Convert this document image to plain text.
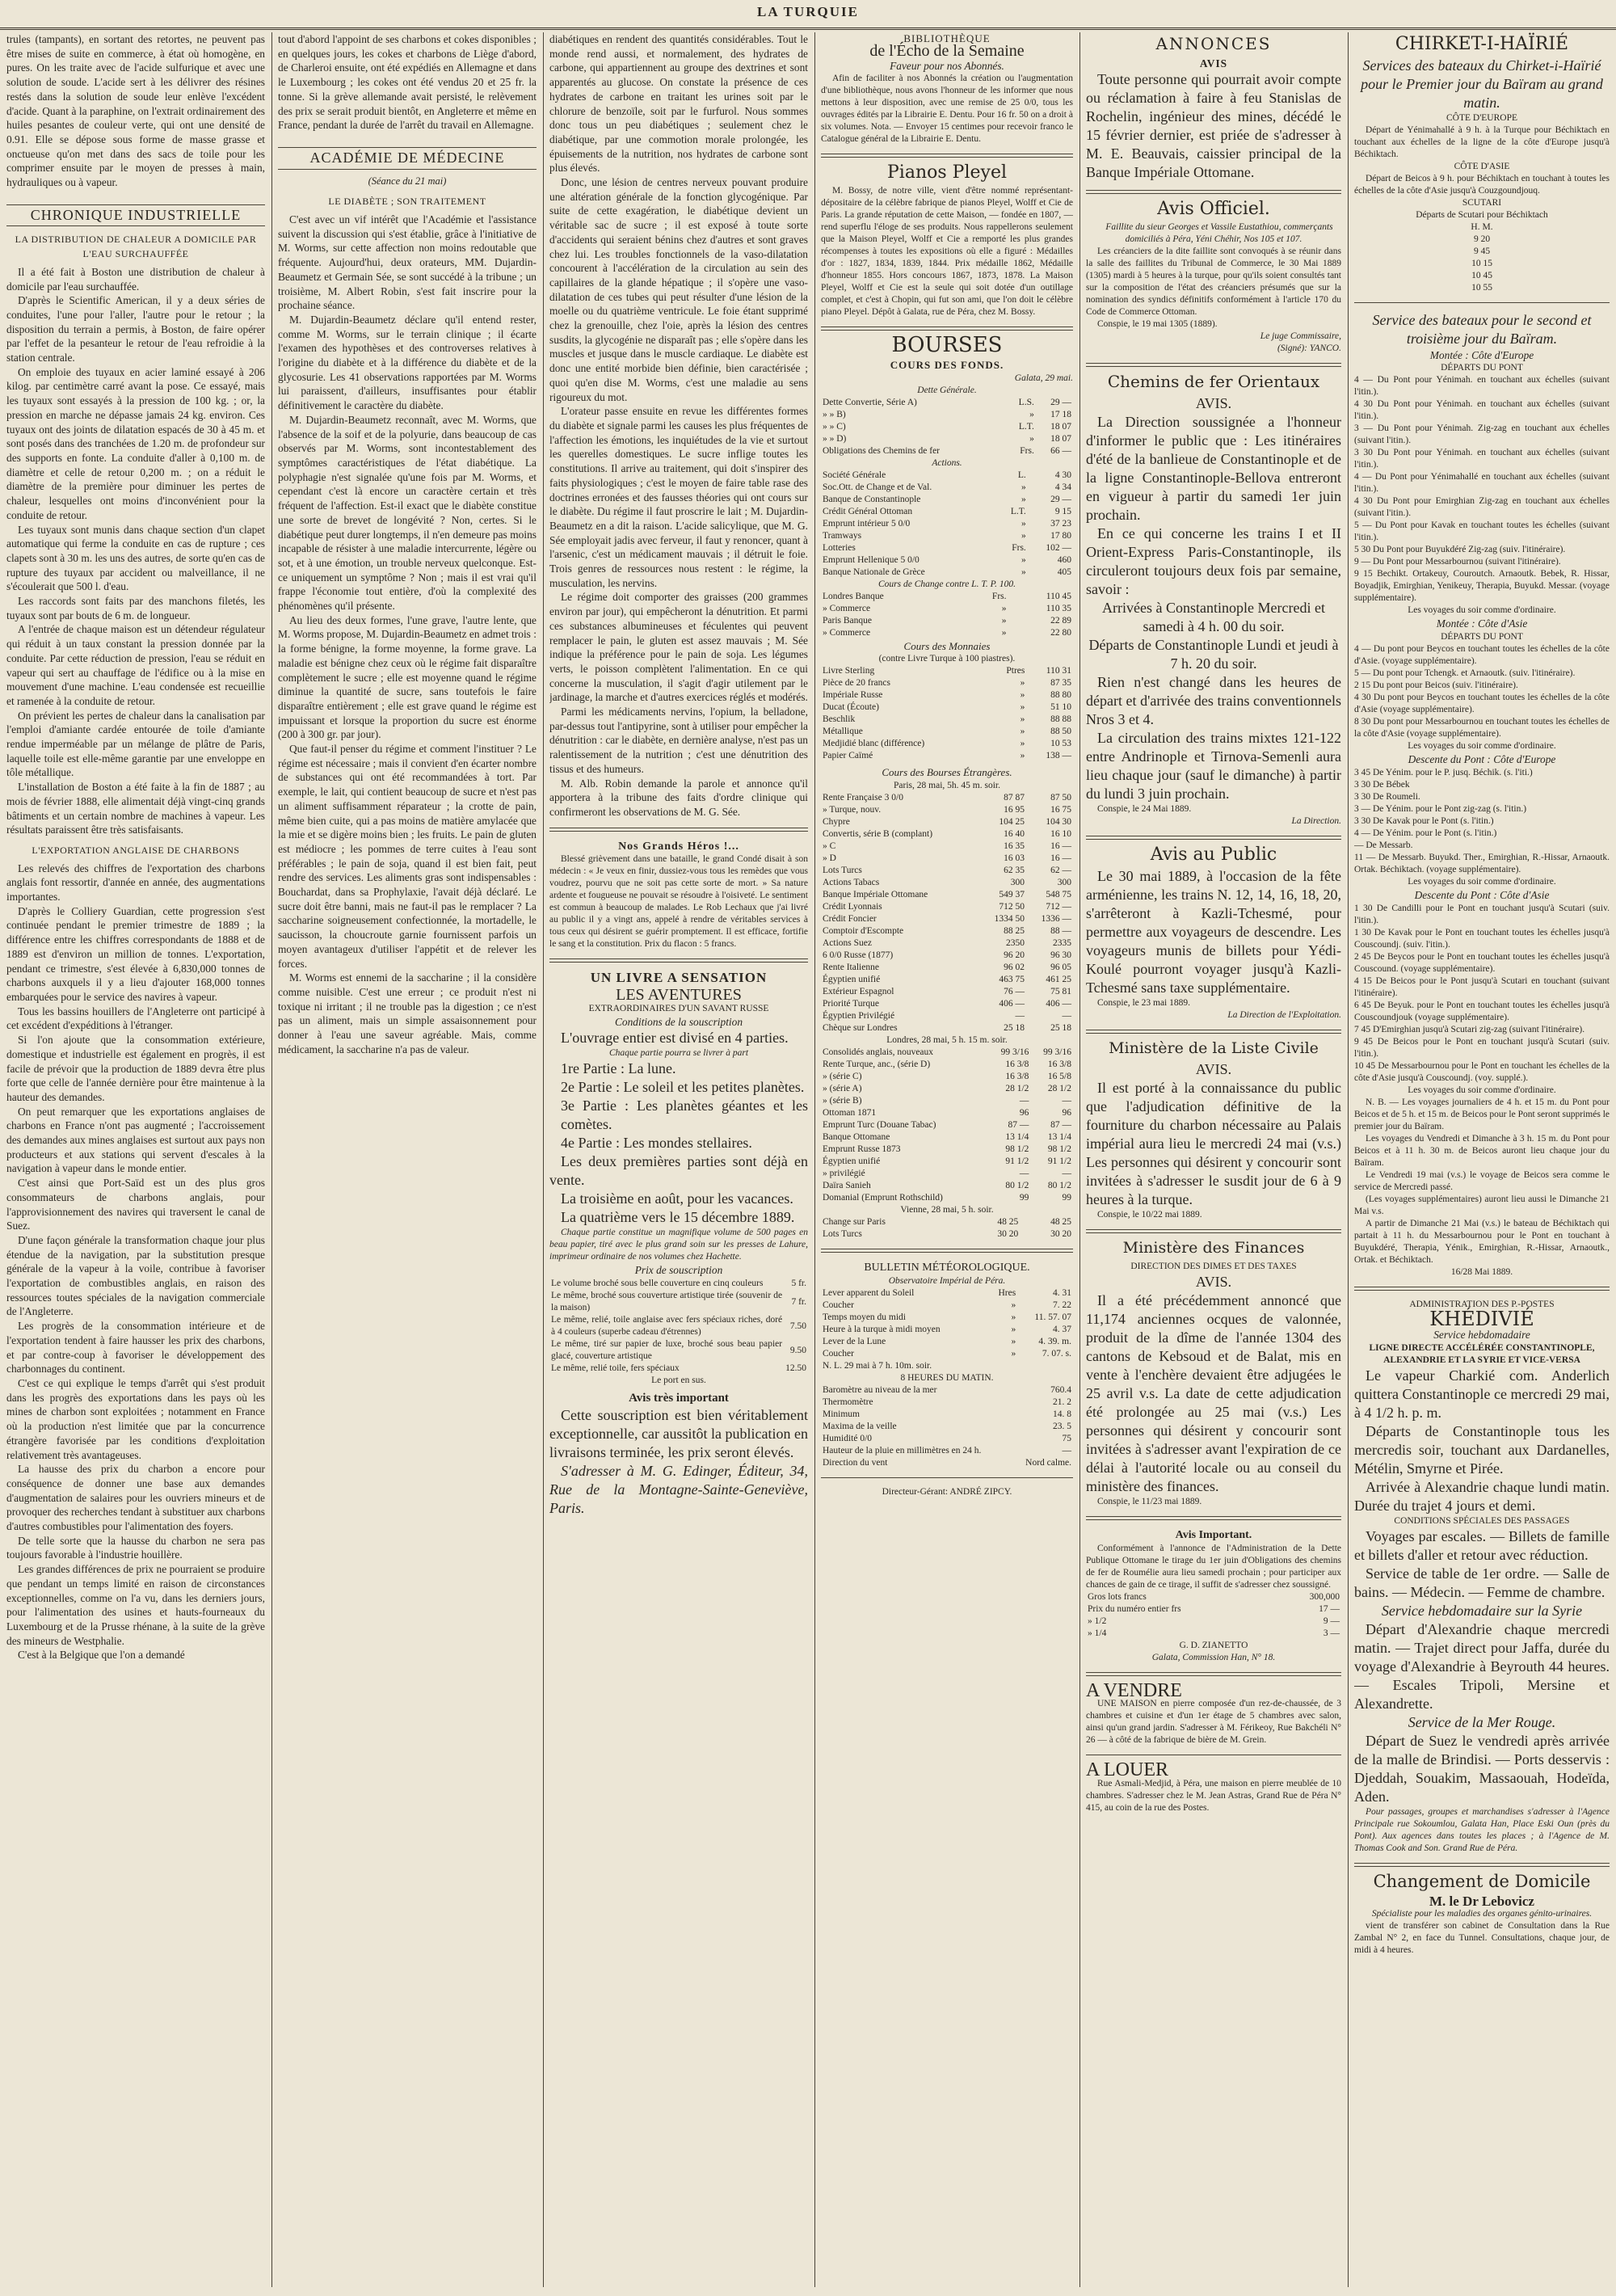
LA TURQUIE

trules (tampants), en sortant des retortes, ne peuvent pas être mises de suite en commerce, à état où homogène, en pures. On les traite avec de l'acide sulfurique et avec une solution de soude. L'acide sert à les délivrer des résines restés dans la solution de soude leur enlève l'excédent d'acide. Quant à la paraphine, on l'extrait ordinairement des huiles pesantes de couleur verte, qui ont une densité de 0.91. Elle se dépose sous forme de masse grasse et onctueuse qu'on met dans des sacs de toile pour les comprimer ensuite par le moyen de presses à main, hydrauliques ou à vapeur.

CHRONIQUE INDUSTRIELLE
LA DISTRIBUTION DE CHALEUR A DOMICILE PAR L'EAU SURCHAUFFÉE

Il a été fait à Boston une distribution de chaleur à domicile par l'eau surchauffée.

D'après le Scientific American, il y a deux séries de conduites, l'une pour l'aller, l'autre pour le retour ; la disposition du terrain a permis, à Boston, de faire opérer par l'effet de la pesanteur le retour de l'eau refroidie à la station centrale.

On emploie des tuyaux en acier laminé essayé à 206 kilog. par centimètre carré avant la pose. Ce essayé, mais les tuyaux sont essayés à la pression de 100 kg. ; or, la pression en marche ne dépasse jamais 24 kg. environ. Ces tuyaux ont des joints de dilatation espacés de 30 à 45 m. et sont posés dans des tranchées de 1.20 m. de profondeur sur des supports en fonte. La conduite d'aller à 0,100 m. de diamètre et celle de retour 0,200 m. ; on a réduit le diamètre de la première pour diminuer les pertes de chaleur, lesquelles ont moins d'inconvénient pour la conduite de retour.

Les tuyaux sont munis dans chaque section d'un clapet automatique qui ferme la conduite en cas de rupture ; ces clapets sont à 30 m. les uns des autres, de sorte qu'en cas de rupture des tuyaux par accident ou malveillance, il ne s'écoulerait que 500 l. d'eau.

Les raccords sont faits par des manchons filetés, les tuyaux sont par bouts de 6 m. de longueur.

A l'entrée de chaque maison est un détendeur régulateur qui réduit à un taux constant la pression donnée par la conduite. Par cette réduction de pression, l'eau se réduit en vapeur qui sert au chauffage de l'édifice ou à la mise en mouvement d'une machine. L'eau condensée est recueillie et ramenée à la conduite de retour.

On prévient les pertes de chaleur dans la canalisation par l'emploi d'amiante cardée entourée de toile d'amiante rendue imperméable par un mélange de plâtre de Paris, laquelle toile est elle-même garantie par une enveloppe en tôle métallique.

L'installation de Boston a été faite à la fin de 1887 ; au mois de février 1888, elle alimentait déjà vingt-cinq grands bâtiments et un certain nombre de machines à vapeur. Les résultats paraissent être très satisfaisants.

L'EXPORTATION ANGLAISE DE CHARBONS

Les relevés des chiffres de l'exportation des charbons anglais font ressortir, d'année en année, des augmentations importantes.

D'après le Colliery Guardian, cette progression s'est continuée pendant le premier trimestre de 1889 ; la différence entre les chiffres correspondants de 1888 et de 1889 est d'environ un million de tonnes. L'exportation, pendant ce trimestre, s'est élevée à 6,830,000 tonnes de charbons auxquels il y a lieu d'ajouter 168,000 tonnes embarquées pour le service des navires à vapeur.

Tous les bassins houillers de l'Angleterre ont participé à cet excédent d'expéditions à l'étranger.

Si l'on ajoute que la consommation extérieure, domestique et industrielle est également en progrès, il est facile de prévoir que la production de 1889 devra être plus forte que celle de l'année dernière pour être maintenue à la hauteur des demandes.

On peut remarquer que les exportations anglaises de charbons en France n'ont pas augmenté ; l'accroissement des demandes aux mines anglaises est surtout aux pays non producteurs et aux stations qui servent d'escales à la navigation à vapeur dans le monde entier.

C'est ainsi que Port-Saïd est un des plus gros consommateurs de charbons anglais, pour l'approvisionnement des navires qui traversent le canal de Suez.

D'une façon générale la transformation chaque jour plus étendue de la navigation, par la substitution presque générale de la vapeur à la voile, contribue à favoriser l'exportation de combustibles anglais, en raison des ressources toutes spéciales de la navigation commerciale de l'Angleterre.

Les progrès de la consommation intérieure et de l'exportation tendent à faire hausser les prix des charbons, et par contre-coup à favoriser le développement des charbonnages du continent.

C'est ce qui explique le temps d'arrêt qui s'est produit dans les progrès des exportations dans les pays où les mines de charbon sont exploitées ; notamment en France où la production n'est limitée que par la concurrence étrangère favorisée par les conditions d'exploitation relativement très avantageuses.

La hausse des prix du charbon a encore pour conséquence de donner une base aux demandes d'augmentation de salaires pour les ouvriers mineurs et de provoquer des recherches tendant à substituer aux charbons d'autres combustibles pour l'alimentation des foyers.

De telle sorte que la hausse du charbon ne sera pas toujours favorable à l'industrie houillère.

Les grandes différences de prix ne pourraient se produire que pendant un temps limité en raison de circonstances exceptionnelles, comme on l'a vu, dans les derniers jours, pour l'alimentation des usines et hauts-fourneaux du Luxembourg et de la Prusse rhénane, à la suite de la grève des mineurs de Westphalie.

C'est à la Belgique que l'on a demandé

tout d'abord l'appoint de ses charbons et cokes disponibles ; en quelques jours, les cokes et charbons de Liège d'abord, de Charleroi ensuite, ont été expédiés en Allemagne et dans le Luxembourg ; les cokes ont été vendus 20 et 25 fr. la tonne. Si la grève allemande avait persisté, le relèvement des prix se serait produit bientôt, en Angleterre et même en France, pendant la durée de l'arrêt du travail en Allemagne.

ACADÉMIE DE MÉDECINE
(Séance du 21 mai)
LE DIABÈTE ; SON TRAITEMENT

C'est avec un vif intérêt que l'Académie et l'assistance suivent la discussion qui s'est établie, grâce à l'initiative de M. Worms, sur cette affection non moins redoutable que fréquente. Aujourd'hui, deux orateurs, MM. Dujardin-Beaumetz et Germain Sée, se sont succédé à la tribune ; un troisième, M. Albert Robin, s'est fait inscrire pour la prochaine séance.

M. Dujardin-Beaumetz déclare qu'il entend rester, comme M. Worms, sur le terrain clinique ; il écarte l'examen des hypothèses et des controverses relatives à l'origine du diabète et à la différence du diabète et de la glycosurie. Les 41 observations rapportées par M. Worms lui paraissent, d'ailleurs, insuffisantes pour établir définitivement le caractère du diabète.

M. Dujardin-Beaumetz reconnaît, avec M. Worms, que l'absence de la soif et de la polyurie, dans beaucoup de cas observés par M. Worms, sont incontestablement des symptômes caractéristiques de l'état diabétique. La polyphagie n'est signalée qu'une fois par M. Worms, et cependant c'est là encore un caractère certain et très fréquent de l'affection. Est-il exact que le diabète constitue une sorte de brevet de longévité ? Non, certes. Si le diabétique peut durer longtemps, il n'en demeure pas moins incapable de résister à une maladie intercurrente, légère ou sot, et à une émotion, un trouble nerveux quelconque. Est-ce uniquement un symptôme ? Non ; mais il est vrai qu'il frappe l'économie tout entière, d'où la complexité des phénomènes qu'il présente.

Au lieu des deux formes, l'une grave, l'autre lente, que M. Worms propose, M. Dujardin-Beaumetz en admet trois : la forme bénigne, la forme moyenne, la forme grave. La maladie est bénigne chez ceux où le régime fait disparaître complètement le sucre ; elle est moyenne quand le régime diminue la quantité de sucre, sans toutefois le faire disparaître entièrement ; elle est grave quand le régime est impuissant et lorsque la proportion du sucre est énorme (200 à 300 gr. par jour).

Que faut-il penser du régime et comment l'instituer ? Le régime est nécessaire ; mais il convient d'en écarter nombre de substances qui ont été recommandées à tort. Par exemple, le lait, qui contient beaucoup de sucre et n'est pas un aliment suffisamment réparateur ; la crotte de pain, même bien cuite, qui a pas moins de matière amylacée que la mie et se digère moins bien ; les fruits. Le pain de gluten est médiocre ; les pommes de terre cuites à l'eau sont préférables ; le pain de soja, quand il est bien fait, peut rendre des services. Les aliments gras sont indispensables : Bouchardat, dans sa Prophylaxie, l'avait déjà déclaré. Le sucre doit être banni, mais ne faut-il pas le remplacer ? La saccharine soigneusement confectionnée, la mortadelle, le saucisson, la choucroute garnie fournissent parfois un moyen avantageux d'utiliser l'appétit et de relever les forces.

M. Worms est ennemi de la saccharine ; il la considère comme nuisible. C'est une erreur ; ce produit n'est ni toxique ni irritant ; il ne trouble pas la digestion ; ce n'est pas un aliment, mais un simple assaisonnement pour donner à l'eau une saveur agréable. Mais, comme médicament, la saccharine n'a pas de valeur.

diabétiques en rendent des quantités considérables. Tout le monde rend aussi, et normalement, des hydrates de carbone, qui appartiennent au groupe des dextrines et sont apparentés au glucose. On constate la présence de ces hydrates de carbone en traitant les urines soit par le chlorure de benzoïle, soit par le furfurol. Nous sommes donc tous un peu diabétiques ; seulement chez le diabétique, par une commotion morale prolongée, les épuisements de la nutrition, nos hydrates de carbone sont plus élevés.

Donc, une lésion de centres nerveux pouvant produire une altération générale de la fonction glycogénique. Par suite de cette exagération, le diabétique devient un véritable sac de sucre ; il est exposé à toute sorte d'accidents qui seraient bénins chez d'autres et sont graves chez lui. Les troubles fonctionnels de la vaso-dilatation concourent à l'accélération de la circulation au sein des capillaires de la glande hépatique ; il s'opère une vaso-dilatation de ces tubes qui peut résulter d'une lésion de la moelle ou du quatrième ventricule. Le foie étant supprimé chez la grenouille, chez l'oie, après la lésion des centres susdits, la glycogénie ne disparaît pas ; elle s'opère dans les muscles et jusque dans le muscle cardiaque. Le diabète est donc une entité morbide bien définie, bien caractérisée ; quoi qu'en dise M. Worms, c'est une maladie au sens rigoureux du mot.

L'orateur passe ensuite en revue les différentes formes du diabète et signale parmi les causes les plus fréquentes de l'affection les émotions, les inquiétudes de la vie et surtout les querelles domestiques. Le sucre inflige toutes les constitutions. Il arrive au traitement, qui doit s'inspirer des faits physiologiques ; c'est le moyen de faire table rase des doctrines erronées et des fausses théories qui ont cours sur le diabète. Du régime il faut proscrire le lait ; M. Dujardin-Beaumetz en a dit la raison. L'acide salicylique, que M. G. Sée employait jadis avec ferveur, il faut y renoncer, quant à l'arsenic, c'est un médicament mauvais ; il détruit le foie. Trois genres de ressources nous restent : le régime, la musculation, les nervins.

Le régime doit comporter des graisses (200 grammes environ par jour), qui empêcheront la dénutrition. Et parmi ces substances albumineuses et féculentes qui peuvent remplacer le pain, le gluten est assez mauvais ; M. Sée indique la préférence pour le pain de soja. Les légumes verts, le poisson complètent l'alimentation. En ce qui concerne la musculation, il s'agit d'agir utilement par le jardinage, la marche et d'autres exercices réglés et modérés.

Parmi les médicaments nervins, l'opium, la belladone, par-dessus tout l'antipyrine, sont à utiliser pour empêcher la dénutrition : car le diabète, en dernière analyse, n'est pas un ralentissement de la nutrition ; c'est une dénutrition des tissus et des humeurs.

M. Alb. Robin demande la parole et annonce qu'il apportera à la tribune des faits d'ordre clinique qui confirmeront les observations de M. G. Sée.

Nos Grands Héros !...

Blessé grièvement dans une bataille, le grand Condé disait à son médecin : « Je veux en finir, dussiez-vous tous les remèdes que vous voudrez, pourvu que ne soit pas cette sorte de mort. » Sa nature ardente et fougueuse ne pouvait se résoudre à l'oisiveté. Le sentiment est commun à beaucoup de malades. Le Rob Lechaux que j'ai livré au public il y a vingt ans, appelé à rendre de véritables services à tous ceux qui désirent se guérir promptement. Il est efficace, fortifie le sang et la constitution. Prix du flacon : 5 francs.

UN LIVRE A SENSATION
LES AVENTURES
EXTRAORDINAIRES D'UN SAVANT RUSSE
Conditions de la souscription

L'ouvrage entier est divisé en 4 parties.

Chaque partie pourra se livrer à part
1re Partie : La lune.
2e Partie : Le soleil et les petites planètes.
3e Partie : Les planètes géantes et les comètes.
4e Partie : Les mondes stellaires.

Les deux premières parties sont déjà en vente.

La troisième en août, pour les vacances.

La quatrième vers le 15 décembre 1889.

Chaque partie constitue un magnifique volume de 500 pages en beau papier, tiré avec le plus grand soin sur les presses de Lahure, imprimeur ordinaire de nos volumes chez Hachette.

Prix de souscription
Le volume broché sous belle couverture en cinq couleurs	5 fr.
Le même, broché sous couverture artistique tirée (souvenir de la maison)	7 fr.
Le même, relié, toile anglaise avec fers spéciaux riches, doré à 4 couleurs (superbe cadeau d'étrennes)	7.50
Le même, tiré sur papier de luxe, broché sous beau papier glacé, couverture artistique	9.50
Le même, relié toile, fers spéciaux	12.50
Le port en sus.
Avis très important

Cette souscription est bien véritablement exceptionnelle, car aussitôt la publication en livraisons terminée, les prix seront élevés.

S'adresser à M. G. Edinger, Éditeur, 34, Rue de la Montagne-Sainte-Geneviève, Paris.

BIBLIOTHÈQUE
de l'Écho de la Semaine
Faveur pour nos Abonnés.

Afin de faciliter à nos Abonnés la création ou l'augmentation d'une bibliothèque, nous avons l'honneur de les informer que nous mettons à leur disposition, avec une remise de 25 0/0, tous les ouvrages édités par la Librairie E. Dentu. Pour 16 fr. 50 on a droit à six volumes. Nota. — Envoyer 15 centimes pour recevoir franco le Catalogue général de la Librairie E. Dentu.

Pianos Pleyel

M. Bossy, de notre ville, vient d'être nommé représentant-dépositaire de la célèbre fabrique de pianos Pleyel, Wolff et Cie de Paris. La grande réputation de cette Maison, — fondée en 1807, — rend superflu l'éloge de ses produits. Nous rappellerons seulement que la Maison Pleyel, Wolff et Cie a remporté les plus grandes récompenses à toutes les expositions où elle a figuré : Médailles d'or : 1827, 1834, 1839, 1844. Prix médaille 1862, Médaille d'honneur 1855. Hors concours 1867, 1873, 1878. La Maison Pleyel, Wolff et Cie est la seule qui soit dotée d'un outillage complet, et c'est à Chopin, qui fut son ami, que l'on doit le célèbre piano Pleyel. Dépôt à Galata, rue de Péra, chez M. Bossy.

BOURSES
COURS DES FONDS.
Galata, 29 mai.
Dette Générale.
Dette Convertie, Série A)	L.S.	29 —
» » B)	»	17 18
» » C)	L.T.	18 07
» » D)	»	18 07
Obligations des Chemins de fer	Frs.	66 —
Actions.
Société Générale	L.	4 30
Soc.Ott. de Change et de Val.	»	4 34
Banque de Constantinople	»	29 —
Crédit Général Ottoman	L.T.	9 15
Emprunt intérieur 5 0/0	»	37 23
Tramways	»	17 80
Lotteries	Frs.	102 —
Emprunt Hellenique 5 0/0	»	460
Banque Nationale de Grèce	»	405
Cours de Change contre L. T. P. 100.
Londres Banque	Frs.	110 45
» Commerce	»	110 35
Paris Banque	»	22 89
» Commerce	»	22 80
Cours des Monnaies
(contre Livre Turque à 100 piastres).
Livre Sterling	Ptres	110 31
Pièce de 20 francs	»	87 35
Impériale Russe	»	88 80
Ducat (Écoute)	»	51 10
Beschlik	»	88 88
Métallique	»	88 50
Medjidié blanc (différence)	»	10 53
Papier Caïmé	»	138 —
Cours des Bourses Étrangères.
Paris, 28 mai, 5h. 45 m. soir.
Rente Française 3 0/0	87 87	87 50
» Turque, nouv.	16 95	16 75
Chypre	104 25	104 30
Convertis, série B (complant)	16 40	16 10
» C	16 35	16 —
» D	16 03	16 —
Lots Turcs	62 35	62 —
Actions Tabacs	300	300
Banque Impériale Ottomane	549 37	548 75
Crédit Lyonnais	712 50	712 —
Crédit Foncier	1334 50	1336 —
Comptoir d'Escompte	88 25	88 —
Actions Suez	2350	2335
6 0/0 Russe (1877)	96 20	96 30
Rente Italienne	96 02	96 05
Égyptien unifié	463 75	461 25
Extérieur Espagnol	76 —	75 81
Priorité Turque	406 —	406 —
Égyptien Privilégié	—	—
Chèque sur Londres	25 18	25 18
Londres, 28 mai, 5 h. 15 m. soir.
Consolidés anglais, nouveaux	99 3/16	99 3/16
Rente Turque, anc., (série D)	16 3/8	16 3/8
» (série C)	16 3/8	16 5/8
» (série A)	28 1/2	28 1/2
» (série B)	—	—
Ottoman 1871	96	96
Emprunt Turc (Douane Tabac)	87 —	87 —
Banque Ottomane	13 1/4	13 1/4
Emprunt Russe 1873	98 1/2	98 1/2
Égyptien unifié	91 1/2	91 1/2
» privilégié	—	—
Daïra Sanieh	80 1/2	80 1/2
Domanial (Emprunt Rothschild)	99	99
Vienne, 28 mai, 5 h. soir.
Change sur Paris	48 25	48 25
Lots Turcs	30 20	30 20
BULLETIN MÉTÉOROLOGIQUE.
Observatoire Impérial de Péra.
Lever apparent du Soleil	Hres	4. 31
Coucher	»	7. 22
Temps moyen du midi	»	11. 57. 07
Heure à la turque à midi moyen	»	4. 37
Lever de la Lune	»	4. 39. m.
Coucher	»	7. 07. s.
N. L. 29 mai à 7 h. 10m. soir.		
8 HEURES DU MATIN.
Baromètre au niveau de la mer		760.4
Thermomètre		21. 2
Minimum		14. 8
Maxima de la veille		23. 5
Humidité 0/0		75
Hauteur de la pluie en millimètres en 24 h.		—
Direction du vent		Nord calme.
Directeur-Gérant: ANDRÉ ZIPCY.
ANNONCES
AVIS

Toute personne qui pourrait avoir compte ou réclamation à faire à feu Stanislas de Rochelin, ingénieur des mines, décédé le 15 février dernier, est priée de s'adresser à M. E. Beauvais, caissier principal de la Banque Impériale Ottomane.

Avis Officiel.

Faillite du sieur Georges et Vassile Eustathiou, commerçants domiciliés à Péra, Yéni Chéhir, Nos 105 et 107.

Les créanciers de la dite faillite sont convoqués à se réunir dans la salle des faillites du Tribunal de Commerce, le 30 Mai 1889 (1305) mardi à 5 heures à la turque, pour qu'ils soient consultés tant sur la composition de l'état des créanciers présumés que sur la nomination des syndics définitifs conformément à l'article 170 du Code de Commerce Ottoman.

Conspie, le 19 mai 1305 (1889).

Le juge Commissaire,
(Signé): YANCO.
Chemins de fer Orientaux
AVIS.

La Direction soussignée a l'honneur d'informer le public que : Les itinéraires d'été de la banlieue de Constantinople et de la ligne Constantinople-Bellova entreront en vigueur à partir du samedi 1er juin prochain.

En ce qui concerne les trains I et II Orient-Express Paris-Constantinople, ils circuleront toujours deux fois par semaine, savoir :

Arrivées à Constantinople Mercredi et samedi à 4 h. 00 du soir.

Départs de Constantinople Lundi et jeudi à 7 h. 20 du soir.

Rien n'est changé dans les heures de départ et d'arrivée des trains conventionnels Nros 3 et 4.

La circulation des trains mixtes 121-122 entre Andrinople et Tirnova-Semenli aura lieu chaque jour (sauf le dimanche) à partir du lundi 3 juin prochain.

Conspie, le 24 Mai 1889.

La Direction.
Avis au Public

Le 30 mai 1889, à l'occasion de la fête arménienne, les trains N. 12, 14, 16, 18, 20, s'arrêteront à Kazli-Tchesmé, pour permettre aux voyageurs de descendre. Les voyageurs munis de billets pour Yédi-Koulé pourront voyager jusqu'à Kazli-Tchesmé sans taxe supplémentaire.

Conspie, le 23 mai 1889.

La Direction de l'Exploitation.
Ministère de la Liste Civile
AVIS.

Il est porté à la connaissance du public que l'adjudication définitive de la fourniture du charbon nécessaire au Palais impérial aura lieu le mercredi 24 mai (v.s.) Les personnes qui désirent y concourir sont invitées à s'adresser le susdit jour de 6 à 9 heures à la turque.

Conspie, le 10/22 mai 1889.

Ministère des Finances
DIRECTION DES DIMES ET DES TAXES
AVIS.

Il a été précédemment annoncé que 11,174 anciennes ocques de valonnée, produit de la dîme de l'année 1304 des cantons de Kebsoud et de Balat, mis en vente à l'enchère devaient être adjugées le 25 avril v.s. La date de cette adjudication été prolongée au 25 mai (v.s.) Les personnes qui désirent y concourir sont invitées à s'adresser avant l'expiration de ce délai à l'autorité locale ou au conseil du ministère des finances.

Conspie, le 11/23 mai 1889.

Avis Important.

Conformément à l'annonce de l'Administration de la Dette Publique Ottomane le tirage du 1er juin d'Obligations des chemins de fer de Roumélie aura lieu samedi prochain ; pour participer aux chances de gain de ce tirage, il suffit de s'adresser chez soussigné.

Gros lots francs	300,000
Prix du numéro entier frs	17 —
» 1/2	9 —
» 1/4	3 —
G. D. ZIANETTO
Galata, Commission Han, N° 18.
A VENDRE

UNE MAISON en pierre composée d'un rez-de-chaussée, de 3 chambres et cuisine et d'un 1er étage de 5 chambres avec salon, ainsi qu'un grand jardin. S'adresser à M. Férikeoy, Rue Bakchéli N° 26 — à côté de la fabrique de bière de M. Grein.

A LOUER

Rue Asmali-Medjid, à Péra, une maison en pierre meublée de 10 chambres. S'adresser chez le M. Jean Astras, Grand Rue de Péra N° 415, au coin de la rue des Postes.

CHIRKET-I-HAÏRIÉ

Services des bateaux du Chirket-i-Haïrié pour le Premier jour du Baïram au grand matin.

CÔTE D'EUROPE

Départ de Yénimahallé à 9 h. à la Turque pour Béchiktach en touchant aux échelles de la ligne de la côte d'Europe jusqu'à Béchiktach.

CÔTE D'ASIE

Départ de Beicos à 9 h. pour Béchiktach en touchant à toutes les échelles de la côte d'Asie jusqu'à Couzgoundjouq.

SCUTARI
Départs de Scutari pour Béchiktach
H. M.
9 20
9 45
10 15
10 45
10 55

Service des bateaux pour le second et troisième jour du Baïram.

Montée : Côte d'Europe
DÉPARTS DU PONT
4 — Du Pont pour Yénimah. en touchant aux échelles (suivant l'itin.).
4 30 Du Pont pour Yénimah. en touchant aux échelles (suivant l'itin.).
3 — Du Pont pour Yénimah. Zig-zag en touchant aux échelles (suivant l'itin.).
3 30 Du Pont pour Yénimah. en touchant aux échelles (suivant l'itin.).
4 — Du Pont pour Yénimahallé en touchant aux échelles (suivant l'itin.).
4 30 Du Pont pour Emirghian Zig-zag en touchant aux échelles (suivant l'itin.).
5 — Du Pont pour Kavak en touchant toutes les échelles (suivant l'itin.).
5 30 Du Pont pour Buyukdéré Zig-zag (suiv. l'itinéraire).
9 — Du Pont pour Messarbournou (suivant l'itinéraire).
9 15 Bechikt. Ortakeuy, Couroutch. Arnaoutk. Bebek, R. Hissar, Boyadjik, Emirghian, Yenikeuy, Therapia, Buyukd. Messar. (voyage supplémentaire).
Les voyages du soir comme d'ordinaire.
Montée : Côte d'Asie
DÉPARTS DU PONT
4 — Du pont pour Beycos en touchant toutes les échelles de la côte d'Asie. (voyage supplémentaire).
5 — Du pont pour Tchengk. et Arnaoutk. (suiv. l'itinéraire).
2 15 Du pont pour Beicos (suiv. l'itinéraire).
4 30 Du pont pour Beycos en touchant toutes les échelles de la côte d'Asie (voyage supplémentaire).
8 30 Du pont pour Messarbournou en touchant toutes les échelles de la côte d'Asie (voyage supplémentaire).
Les voyages du soir comme d'ordinaire.
Descente du Pont : Côte d'Europe
3 45 De Yénim. pour le P. jusq. Béchik. (s. l'iti.)
3 30 De Bébek
3 30 De Roumeli.
3 — De Yénim. pour le Pont zig-zag (s. l'itin.)
3 30 De Kavak pour le Pont (s. l'itin.)
4 — De Yénim. pour le Pont (s. l'itin.)
— De Messarb.
11 — De Messarb. Buyukd. Ther., Emirghian, R.-Hissar, Arnaoutk. Ortak. Béchiktach. (voyage supplémentaire).
Les voyages du soir comme d'ordinaire.
Descente du Pont : Côte d'Asie
1 30 De Candilli pour le Pont en touchant jusqu'à Scutari (suiv. l'itin.).
1 30 De Kavak pour le Pont en touchant toutes les échelles jusqu'à Couscoundj. (suiv. l'itin.).
2 45 De Beycos pour le Pont en touchant toutes les échelles jusqu'à Couscound. (voyage supplémentaire).
4 15 De Beicos pour le Pont jusqu'à Scutari en touchant (suivant l'itinéraire).
6 45 De Beyuk. pour le Pont en touchant toutes les échelles jusqu'à Couscoundjouk (voyage supplémentaire).
7 45 D'Emirghian jusqu'à Scutari zig-zag (suivant l'itinéraire).
9 45 De Beicos pour le Pont en touchant jusqu'à Scutari (suiv. l'itin.).
10 45 De Messarbournou pour le Pont en touchant les échelles de la côte d'Asie jusqu'à Couscoundj. (voy. supplé.).
Les voyages du soir comme d'ordinaire.

N. B. — Les voyages journaliers de 4 h. et 15 m. du Pont pour Beicos et de 5 h. et 15 m. de Beicos pour le Pont seront supprimés le premier jour du Baïram.

Les voyages du Vendredi et Dimanche à 3 h. 15 m. du Pont pour Beicos et à 11 h. 30 m. de Beicos auront lieu chaque jour du Baïram.

Le Vendredi 19 mai (v.s.) le voyage de Beicos sera comme le service de Mercredi passé.

(Les voyages supplémentaires) auront lieu aussi le Dimanche 21 Mai v.s.

A partir de Dimanche 21 Mai (v.s.) le bateau de Béchiktach qui partait à 11 h. du Messarbournou pour le Pont en touchant à Buyukdéré, Therapia, Yénik., Emirghian, R.-Hissar, Arnaoutk., Ortak. et Béchiktach.

16/28 Mai 1889.
ADMINISTRATION DES P.-POSTES
KHÉDIVIÉ
Service hebdomadaire
LIGNE DIRECTE ACCÉLÉRÉE CONSTANTINOPLE, ALEXANDRIE ET LA SYRIE ET VICE-VERSA

Le vapeur Charkié com. Anderlich quittera Constantinople ce mercredi 29 mai, à 4 1/2 h. p. m.

Départs de Constantinople tous les mercredis soir, touchant aux Dardanelles, Métélin, Smyrne et Pirée.

Arrivée à Alexandrie chaque lundi matin. Durée du trajet 4 jours et demi.

CONDITIONS SPÉCIALES DES PASSAGES

Voyages par escales. — Billets de famille et billets d'aller et retour avec réduction.

Service de table de 1er ordre. — Salle de bains. — Médecin. — Femme de chambre.

Service hebdomadaire sur la Syrie

Départ d'Alexandrie chaque mercredi matin. — Trajet direct pour Jaffa, durée du voyage d'Alexandrie à Beyrouth 44 heures. — Escales Tripoli, Mersine et Alexandrette.

Service de la Mer Rouge.

Départ de Suez le vendredi après arrivée de la malle de Brindisi. — Ports desservis : Djeddah, Souakim, Massaouah, Hodeïda, Aden.

Pour passages, groupes et marchandises s'adresser à l'Agence Principale rue Sokoumlou, Galata Han, Place Eski Oun (près du Pont). Aux agences dans toutes les places ; à l'Agence de M. Thomas Cook and Son. Grand Rue de Péra.

Changement de Domicile
M. le Dr Lebovicz
Spécialiste pour les maladies des organes génito-urinaires.

vient de transférer son cabinet de Consultation dans la Rue Zambal N° 2, en face du Tunnel. Consultations, chaque jour, de midi à 4 heures.
